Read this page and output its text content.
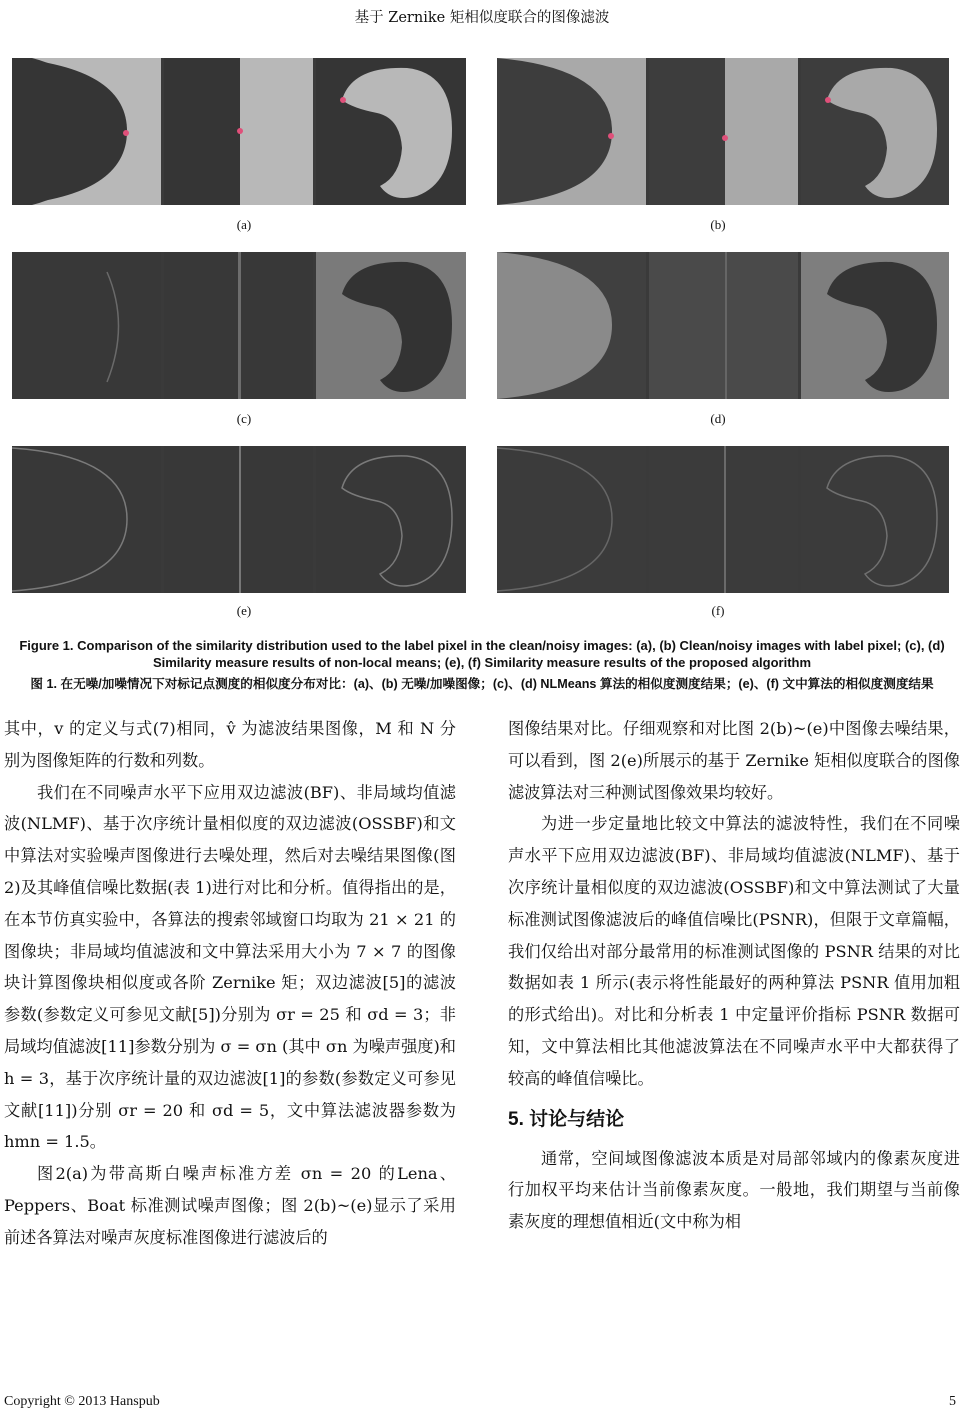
基于 Zernike 矩相似度联合的图像滤波
(a)	(b)
(c)	(d)
(e)	(f)
Figure 1. Comparison of the similarity distribution used to the label pixel in the clean/noisy images: (a), (b) Clean/noisy images with label pixel; (c), (d) Similarity measure results of non-local means; (e), (f) Similarity measure results of the proposed algorithm
图 1. 在无噪/加噪情况下对标记点测度的相似度分布对比：(a)、(b) 无噪/加噪图像；(c)、(d) NLMeans 算法的相似度测度结果；(e)、(f) 文中算法的相似度测度结果

其中，v 的定义与式(7)相同，v̂ 为滤波结果图像，M 和 N 分别为图像矩阵的行数和列数。

我们在不同噪声水平下应用双边滤波(BF)、非局域均值滤波(NLMF)、基于次序统计量相似度的双边滤波(OSSBF)和文中算法对实验噪声图像进行去噪处理，然后对去噪结果图像(图 2)及其峰值信噪比数据(表 1)进行对比和分析。值得指出的是，在本节仿真实验中，各算法的搜索邻域窗口均取为 21 × 21 的图像块；非局域均值滤波和文中算法采用大小为 7 × 7 的图像块计算图像块相似度或各阶 Zernike 矩；双边滤波[5]的滤波参数(参数定义可参见文献[5])分别为 σr = 25 和 σd = 3；非局域均值滤波[11]参数分别为 σ = σn (其中 σn 为噪声强度)和 h = 3，基于次序统计量的双边滤波[1]的参数(参数定义可参见文献[11])分别 σr = 20 和 σd = 5，文中算法滤波器参数为 hmn = 1.5。

图2(a)为带高斯白噪声标准方差 σn = 20 的Lena、Peppers、Boat 标准测试噪声图像；图 2(b)~(e)显示了采用前述各算法对噪声灰度标准图像进行滤波后的

图像结果对比。仔细观察和对比图 2(b)~(e)中图像去噪结果，可以看到，图 2(e)所展示的基于 Zernike 矩相似度联合的图像滤波算法对三种测试图像效果均较好。

为进一步定量地比较文中算法的滤波特性，我们在不同噪声水平下应用双边滤波(BF)、非局域均值滤波(NLMF)、基于次序统计量相似度的双边滤波(OSSBF)和文中算法测试了大量标准测试图像滤波后的峰值信噪比(PSNR)，但限于文章篇幅，我们仅给出对部分最常用的标准测试图像的 PSNR 结果的对比数据如表 1 所示(表示将性能最好的两种算法 PSNR 值用加粗的形式给出)。对比和分析表 1 中定量评价指标 PSNR 数据可知，文中算法相比其他滤波算法在不同噪声水平中大都获得了较高的峰值信噪比。

5. 讨论与结论

通常，空间域图像滤波本质是对局部邻域内的像素灰度进行加权平均来估计当前像素灰度。一般地，我们期望与当前像素灰度的理想值相近(文中称为相

Copyright © 2013 Hanspub	5
